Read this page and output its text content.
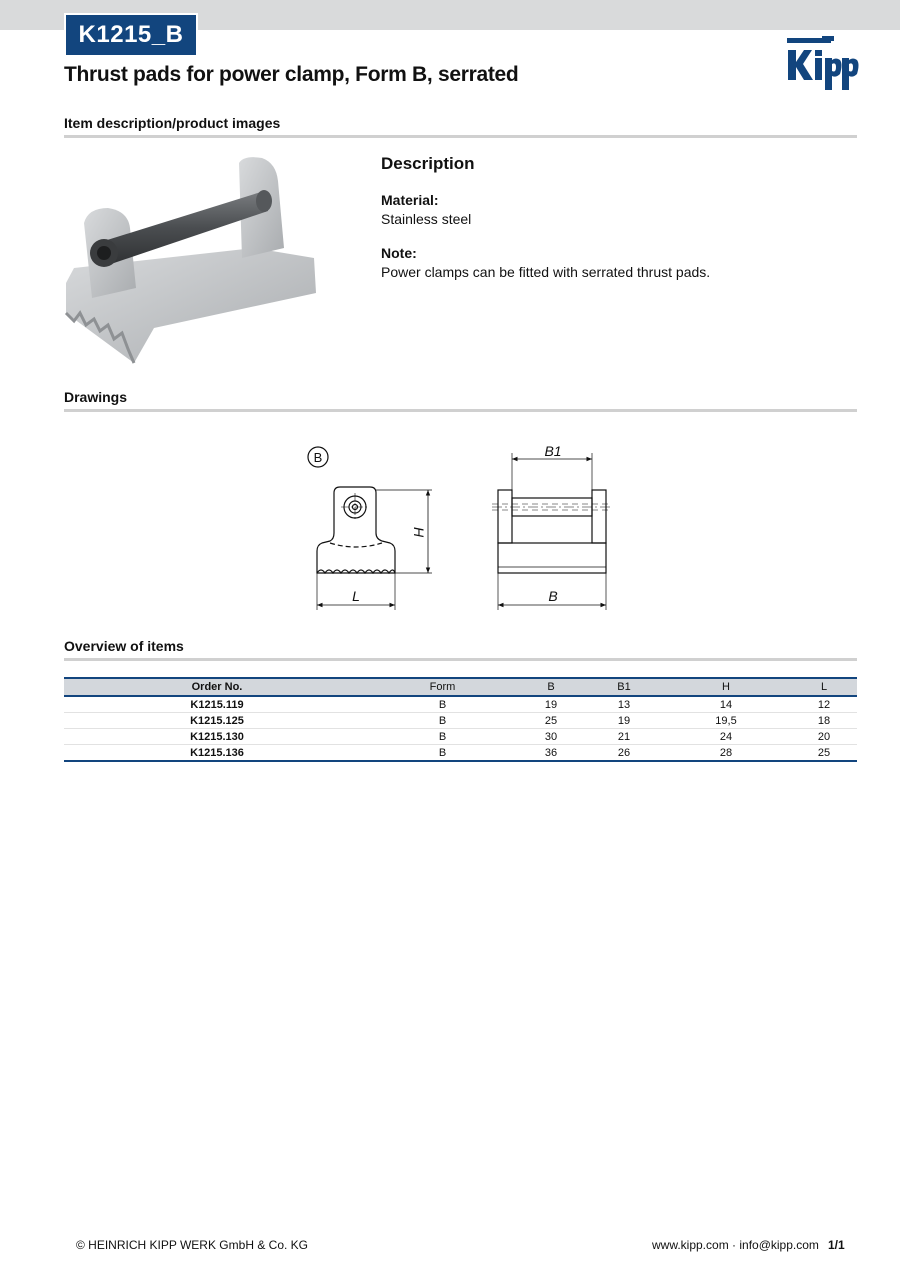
K1215_B
Thrust pads for power clamp, Form B, serrated
Item description/product images
Description

Material:

Stainless steel

Note:

Power clamps can be fitted with serrated thrust pads.

Drawings
B
H
L
B1
B
Overview of items
Order No.	Form	B	B1	H	L
K1215.119	B	19	13	14	12
K1215.125	B	25	19	19,5	18
K1215.130	B	30	21	24	20
K1215.136	B	36	26	28	25
© HEINRICH KIPP WERK GmbH & Co. KG	www.kipp.com · info@kipp.com 1/1
